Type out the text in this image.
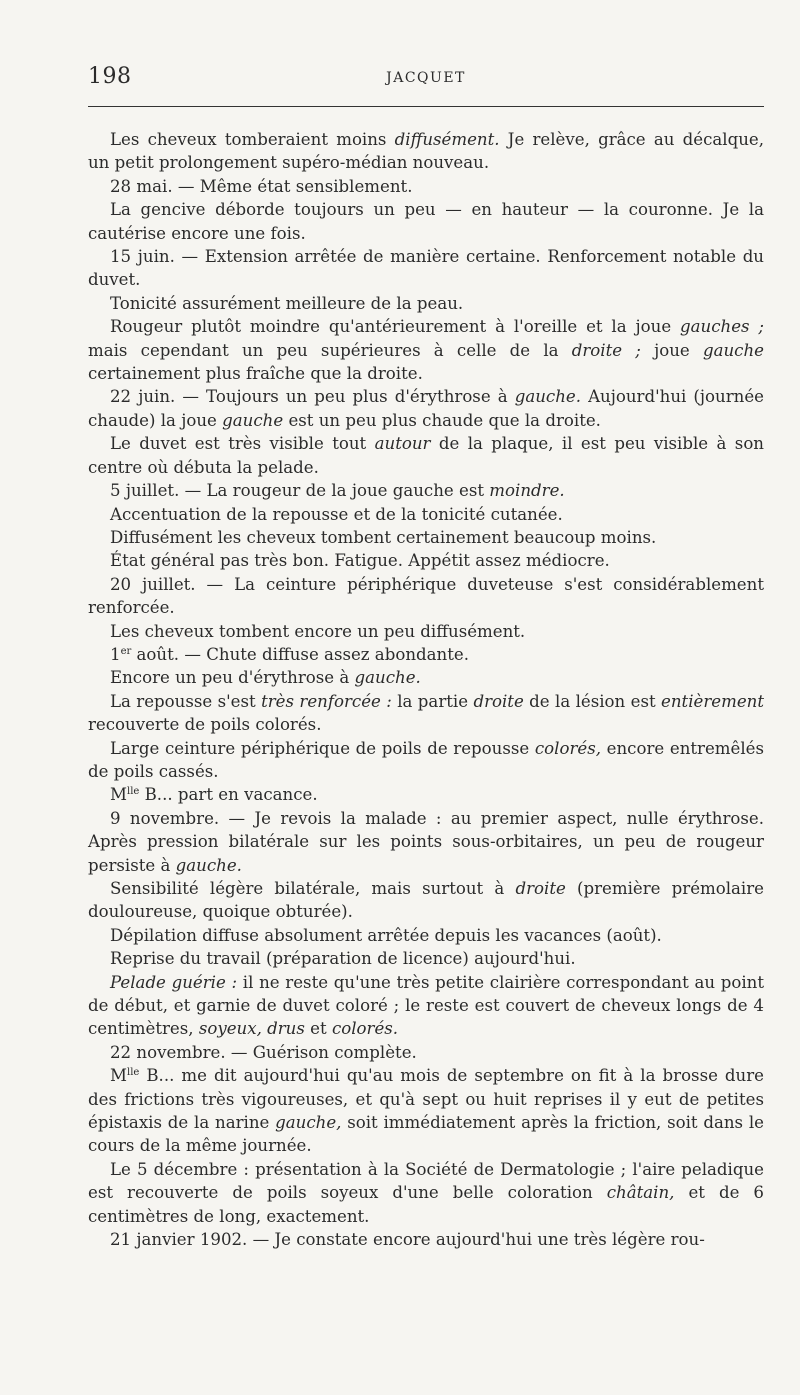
198	JACQUET

Les cheveux tomberaient moins diffusément. Je relève, grâce au décalque, un petit prolongement supéro-médian nouveau.

28 mai. — Même état sensiblement.

La gencive déborde toujours un peu — en hauteur — la couronne. Je la cautérise encore une fois.

15 juin. — Extension arrêtée de manière certaine. Renforcement notable du duvet.

Tonicité assurément meilleure de la peau.

Rougeur plutôt moindre qu'antérieurement à l'oreille et la joue gauches ; mais cependant un peu supérieures à celle de la droite ; joue gauche certainement plus fraîche que la droite.

22 juin. — Toujours un peu plus d'érythrose à gauche. Aujourd'hui (journée chaude) la joue gauche est un peu plus chaude que la droite.

Le duvet est très visible tout autour de la plaque, il est peu visible à son centre où débuta la pelade.

5 juillet. — La rougeur de la joue gauche est moindre.

Accentuation de la repousse et de la tonicité cutanée.

Diffusément les cheveux tombent certainement beaucoup moins.

État général pas très bon. Fatigue. Appétit assez médiocre.

20 juillet. — La ceinture périphérique duveteuse s'est considérablement renforcée.

Les cheveux tombent encore un peu diffusément.

1er août. — Chute diffuse assez abondante.

Encore un peu d'érythrose à gauche.

La repousse s'est très renforcée : la partie droite de la lésion est entièrement recouverte de poils colorés.

Large ceinture périphérique de poils de repousse colorés, encore entremêlés de poils cassés.

$M^{lle}$ B... part en vacance.

9 novembre. — Je revois la malade : au premier aspect, nulle érythrose. Après pression bilatérale sur les points sous-orbitaires, un peu de rougeur persiste à gauche.

Sensibilité légère bilatérale, mais surtout à droite (première prémolaire douloureuse, quoique obturée).

Dépilation diffuse absolument arrêtée depuis les vacances (août).

Reprise du travail (préparation de licence) aujourd'hui.

Pelade guérie : il ne reste qu'une très petite clairière correspondant au point de début, et garnie de duvet coloré ; le reste est couvert de cheveux longs de 4 centimètres, soyeux, drus et colorés.

22 novembre. — Guérison complète.

$M^{lle}$ B... me dit aujourd'hui qu'au mois de septembre on fit à la brosse dure des frictions très vigoureuses, et qu'à sept ou huit reprises il y eut de petites épistaxis de la narine gauche, soit immédiatement après la friction, soit dans le cours de la même journée.

Le 5 décembre : présentation à la Société de Dermatologie ; l'aire peladique est recouverte de poils soyeux d'une belle coloration châtain, et de 6 centimètres de long, exactement.

21 janvier 1902. — Je constate encore aujourd'hui une très légère rou-
